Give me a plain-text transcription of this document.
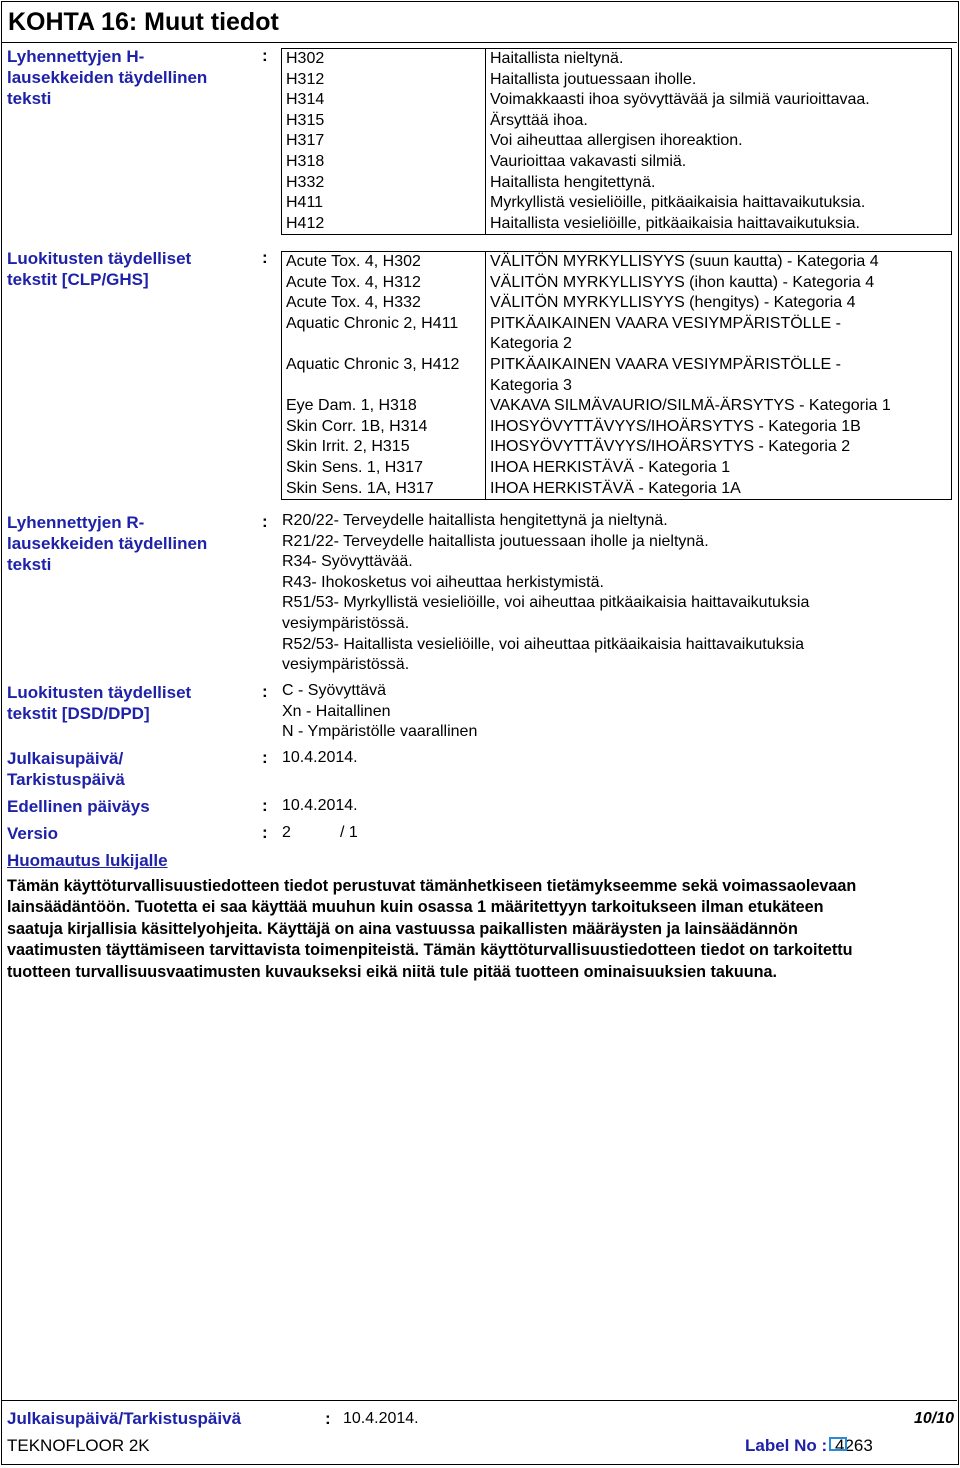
KOHTA 16: Muut tiedot
Lyhennettyjen H-
lausekkeiden täydellinen
teksti
: H302	Haitallista nieltynä.

H312	Haitallista joutuessaan iholle.

H314	Voimakkaasti ihoa syövyttävää ja silmiä vaurioittavaa.

H315	Ärsyttää ihoa.

H317	Voi aiheuttaa allergisen ihoreaktion.

H318	Vaurioittaa vakavasti silmiä.

H332	Haitallista hengitettynä.

H411	Myrkyllistä vesieliöille, pitkäaikaisia haittavaikutuksia.

H412	Haitallista vesieliöille, pitkäaikaisia haittavaikutuksia.
Luokitusten täydelliset
tekstit [CLP/GHS]
: Acute Tox. 4, H302	VÄLITÖN MYRKYLLISYYS (suun kautta) - Kategoria 4

Acute Tox. 4, H312	VÄLITÖN MYRKYLLISYYS (ihon kautta) - Kategoria 4

Acute Tox. 4, H332	VÄLITÖN MYRKYLLISYYS (hengitys) - Kategoria 4

Aquatic Chronic 2, H411	PITKÄAIKAINEN VAARA VESIYMPÄRISTÖLLE -
Kategoria 2

Aquatic Chronic 3, H412	PITKÄAIKAINEN VAARA VESIYMPÄRISTÖLLE -
Kategoria 3

Eye Dam. 1, H318	VAKAVA SILMÄVAURIO/SILMÄ-ÄRSYTYS - Kategoria 1

Skin Corr. 1B, H314	IHOSYÖVYTTÄVYYS/IHOÄRSYTYS - Kategoria 1B

Skin Irrit. 2, H315	IHOSYÖVYTTÄVYYS/IHOÄRSYTYS - Kategoria 2

Skin Sens. 1, H317	IHOA HERKISTÄVÄ - Kategoria 1

Skin Sens. 1A, H317	IHOA HERKISTÄVÄ - Kategoria 1A
Lyhennettyjen R-
lausekkeiden täydellinen
teksti
: R20/22- Terveydelle haitallista hengitettynä ja nieltynä.
R21/22- Terveydelle haitallista joutuessaan iholle ja nieltynä.
R34- Syövyttävää.
R43- Ihokosketus voi aiheuttaa herkistymistä.
R51/53- Myrkyllistä vesieliöille, voi aiheuttaa pitkäaikaisia haittavaikutuksia
vesiympäristössä.
R52/53- Haitallista vesieliöille, voi aiheuttaa pitkäaikaisia haittavaikutuksia
vesiympäristössä.
Luokitusten täydelliset
tekstit [DSD/DPD]
: C - Syövyttävä
Xn - Haitallinen
N - Ympäristölle vaarallinen
Julkaisupäivä/
Tarkistuspäivä
: 10.4.2014.
Edellinen päiväys	: 10.4.2014.
Versio	: 2	/ 1
Huomautus lukijalle
Tämän käyttöturvallisuustiedotteen tiedot perustuvat tämänhetkiseen tietämykseemme sekä voimassaolevaan
lainsäädäntöön. Tuotetta ei saa käyttää muuhun kuin osassa 1 määritettyyn tarkoitukseen ilman etukäteen
saatuja kirjallisia käsittelyohjeita. Käyttäjä on aina vastuussa paikallisten määräysten ja lainsäädännön
vaatimusten täyttämiseen tarvittavista toimenpiteistä. Tämän käyttöturvallisuustiedotteen tiedot on tarkoitettu
tuotteen turvallisuusvaatimusten kuvaukseksi eikä niitä tule pitää tuotteen ominaisuuksien takuuna.
Julkaisupäivä/Tarkistuspäivä	: 10.4.2014.	10/10
TEKNOFLOOR 2K	Label No : 4263
